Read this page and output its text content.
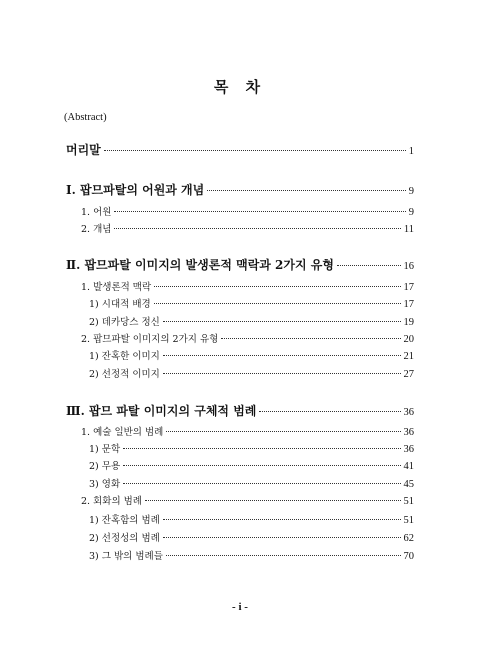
목 차
(Abstract)
머리말	1
Ⅰ. 팝므파탈의 어원과 개념	9
1. 어원	9
2. 개념	11
Ⅱ. 팝므파탈 이미지의 발생론적 맥락과 2가지 유형	16
1. 발생론적 맥락	17
1) 시대적 배경	17
2) 데카당스 정신	19
2. 팝므파탈 이미지의 2가지 유형	20
1) 잔혹한 이미지	21
2) 선정적 이미지	27
Ⅲ. 팝므 파탈 이미지의 구체적 범례	36
1. 예술 일반의 범례	36
1) 문학	36
2) 무용	41
3) 영화	45
2. 회화의 범례	51
1) 잔혹함의 범례	51
2) 선정성의 범례	62
3) 그 밖의 범례들	70
- i -
